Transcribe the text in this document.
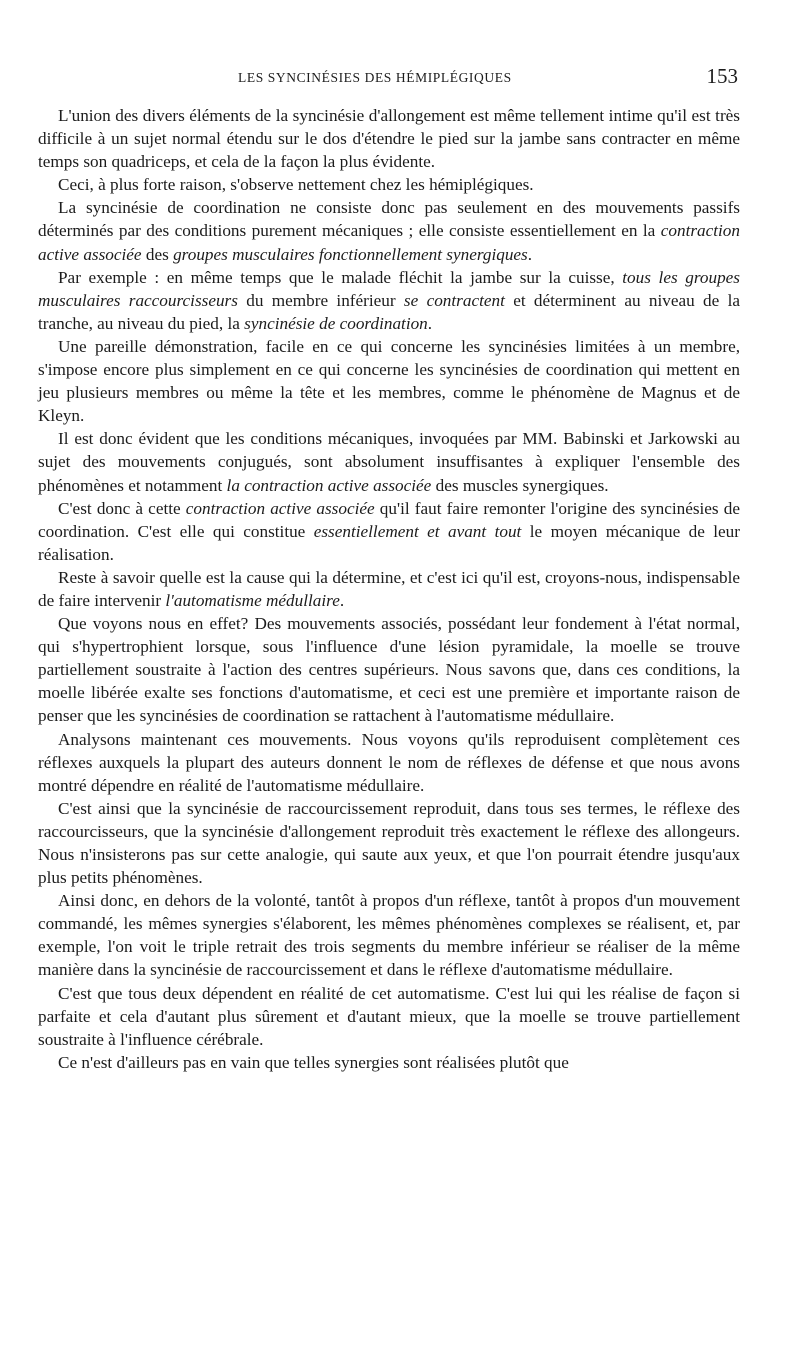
LES SYNCINÉSIES DES HÉMIPLÉGIQUES	153

L'union des divers éléments de la syncinésie d'allongement est même tellement intime qu'il est très difficile à un sujet normal étendu sur le dos d'étendre le pied sur la jambe sans contracter en même temps son quadriceps, et cela de la façon la plus évidente.

Ceci, à plus forte raison, s'observe nettement chez les hémiplégiques.

La syncinésie de coordination ne consiste donc pas seulement en des mouvements passifs déterminés par des conditions purement mécaniques ; elle consiste essentiellement en la contraction active associée des groupes musculaires fonctionnellement synergiques.

Par exemple : en même temps que le malade fléchit la jambe sur la cuisse, tous les groupes musculaires raccourcisseurs du membre inférieur se contractent et déterminent au niveau de la tranche, au niveau du pied, la syncinésie de coordination.

Une pareille démonstration, facile en ce qui concerne les syncinésies limitées à un membre, s'impose encore plus simplement en ce qui concerne les syncinésies de coordination qui mettent en jeu plusieurs membres ou même la tête et les membres, comme le phénomène de Magnus et de Kleyn.

Il est donc évident que les conditions mécaniques, invoquées par MM. Babinski et Jarkowski au sujet des mouvements conjugués, sont absolument insuffisantes à expliquer l'ensemble des phénomènes et notamment la contraction active associée des muscles synergiques.

C'est donc à cette contraction active associée qu'il faut faire remonter l'origine des syncinésies de coordination. C'est elle qui constitue essentiellement et avant tout le moyen mécanique de leur réalisation.

Reste à savoir quelle est la cause qui la détermine, et c'est ici qu'il est, croyons-nous, indispensable de faire intervenir l'automatisme médullaire.

Que voyons nous en effet? Des mouvements associés, possédant leur fondement à l'état normal, qui s'hypertrophient lorsque, sous l'influence d'une lésion pyramidale, la moelle se trouve partiellement soustraite à l'action des centres supérieurs. Nous savons que, dans ces conditions, la moelle libérée exalte ses fonctions d'automatisme, et ceci est une première et importante raison de penser que les syncinésies de coordination se rattachent à l'automatisme médullaire.

Analysons maintenant ces mouvements. Nous voyons qu'ils reproduisent complètement ces réflexes auxquels la plupart des auteurs donnent le nom de réflexes de défense et que nous avons montré dépendre en réalité de l'automatisme médullaire.

C'est ainsi que la syncinésie de raccourcissement reproduit, dans tous ses termes, le réflexe des raccourcisseurs, que la syncinésie d'allongement reproduit très exactement le réflexe des allongeurs. Nous n'insisterons pas sur cette analogie, qui saute aux yeux, et que l'on pourrait étendre jusqu'aux plus petits phénomènes.

Ainsi donc, en dehors de la volonté, tantôt à propos d'un réflexe, tantôt à propos d'un mouvement commandé, les mêmes synergies s'élaborent, les mêmes phénomènes complexes se réalisent, et, par exemple, l'on voit le triple retrait des trois segments du membre inférieur se réaliser de la même manière dans la syncinésie de raccourcissement et dans le réflexe d'automatisme médullaire.

C'est que tous deux dépendent en réalité de cet automatisme. C'est lui qui les réalise de façon si parfaite et cela d'autant plus sûrement et d'autant mieux, que la moelle se trouve partiellement soustraite à l'influence cérébrale.

Ce n'est d'ailleurs pas en vain que telles synergies sont réalisées plutôt que
